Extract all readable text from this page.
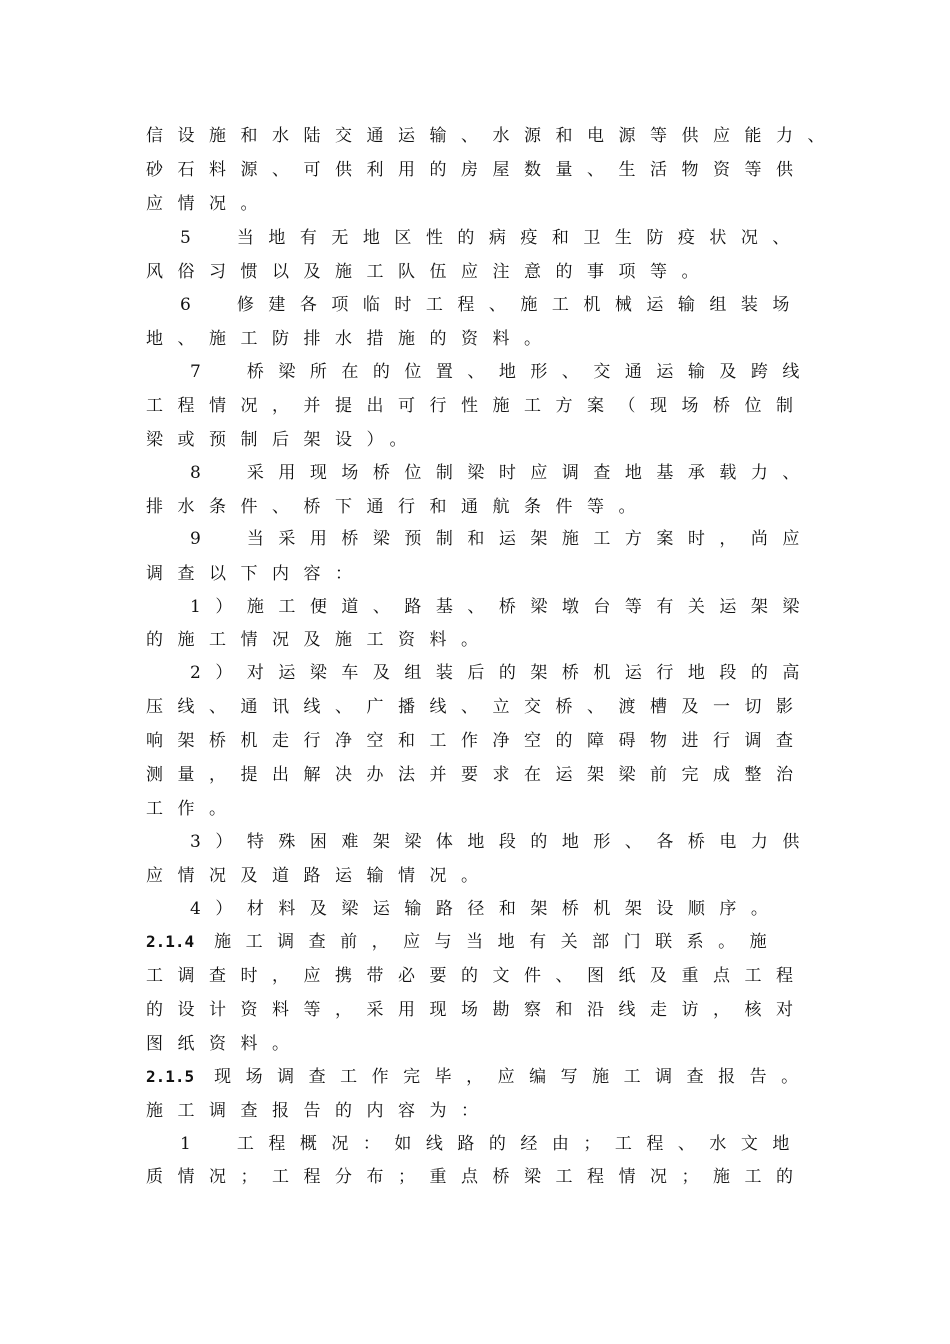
信设施和水陆交通运输、水源和电源等供应能力、
砂石料源、可供利用的房屋数量、生活物资等供
应情况。
5　当地有无地区性的病疫和卫生防疫状况、
风俗习惯以及施工队伍应注意的事项等。
6　修建各项临时工程、施工机械运输组装场
地、施工防排水措施的资料。
7　桥梁所在的位置、地形、交通运输及跨线
工程情况，并提出可行性施工方案（现场桥位制
梁或预制后架设）。
8　采用现场桥位制梁时应调查地基承载力、
排水条件、桥下通行和通航条件等。
9　当采用桥梁预制和运架施工方案时，尚应
调查以下内容：
1）施工便道、路基、桥梁墩台等有关运架梁
的施工情况及施工资料。
2）对运梁车及组装后的架桥机运行地段的高
压线、通讯线、广播线、立交桥、渡槽及一切影
响架桥机走行净空和工作净空的障碍物进行调查
测量，提出解决办法并要求在运架梁前完成整治
工作。
3）特殊困难架梁体地段的地形、各桥电力供
应情况及道路运输情况。
4）材料及梁运输路径和架桥机架设顺序。
2.1.4 施工调查前，应与当地有关部门联系。施
工调查时，应携带必要的文件、图纸及重点工程
的设计资料等，采用现场勘察和沿线走访，核对
图纸资料。
2.1.5 现场调查工作完毕，应编写施工调查报告。
施工调查报告的内容为：
1　工程概况：如线路的经由；工程、水文地
质情况；工程分布；重点桥梁工程情况；施工的
